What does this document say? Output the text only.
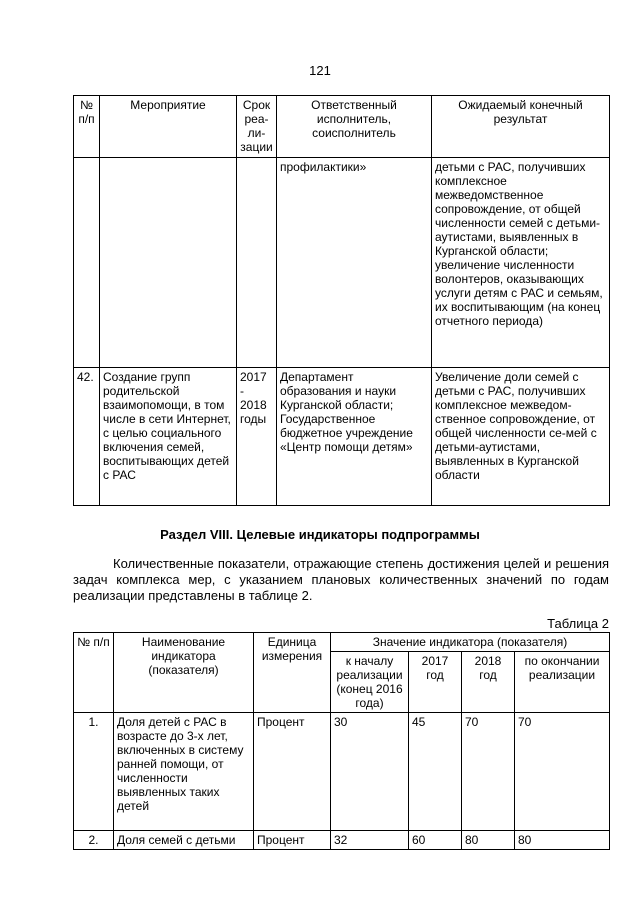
121
№ п/п	Мероприятие	Срок реа-ли-зации	Ответственный исполнитель, соисполнитель	Ожидаемый конечный результат
			профилактики»	детьми с РАС, получивших комплексное межведомственное сопровождение, от общей численности семей с детьми-аутистами, выявленных в Курганской области;
увеличение численности волонтеров, оказывающих услуги детям с РАС и семьям, их воспитывающим (на конец отчетного периода)
42.	Создание групп родительской взаимопомощи, в том числе в сети Интернет, с целью социального включения семей, воспитывающих детей с РАС	2017
-
2018 годы	Департамент образования и науки Курганской области; Государственное бюджетное учреждение «Центр помощи детям»	Увеличение доли семей с детьми с РАС, получивших комплексное межведом-ственное сопровождение, от общей численности се-мей с детьми-аутистами, выявленных в Курганской области
Раздел VIII. Целевые индикаторы подпрограммы
Количественные показатели, отражающие степень достижения целей и решения задач комплекса мер, с указанием плановых количественных значений по годам реализации представлены в таблице 2.
Таблица 2
№ п/п	Наименование индикатора (показателя)	Единица измерения	Значение индикатора (показателя)			
			к началу реализации (конец 2016 года)	2017 год	2018 год	по окончании реализации
1.	Доля детей с РАС в возрасте до 3-х лет, включенных в систему ранней помощи, от численности выявленных таких детей	Процент	30	45	70	70
2.	Доля семей с детьми	Процент	32	60	80	80
